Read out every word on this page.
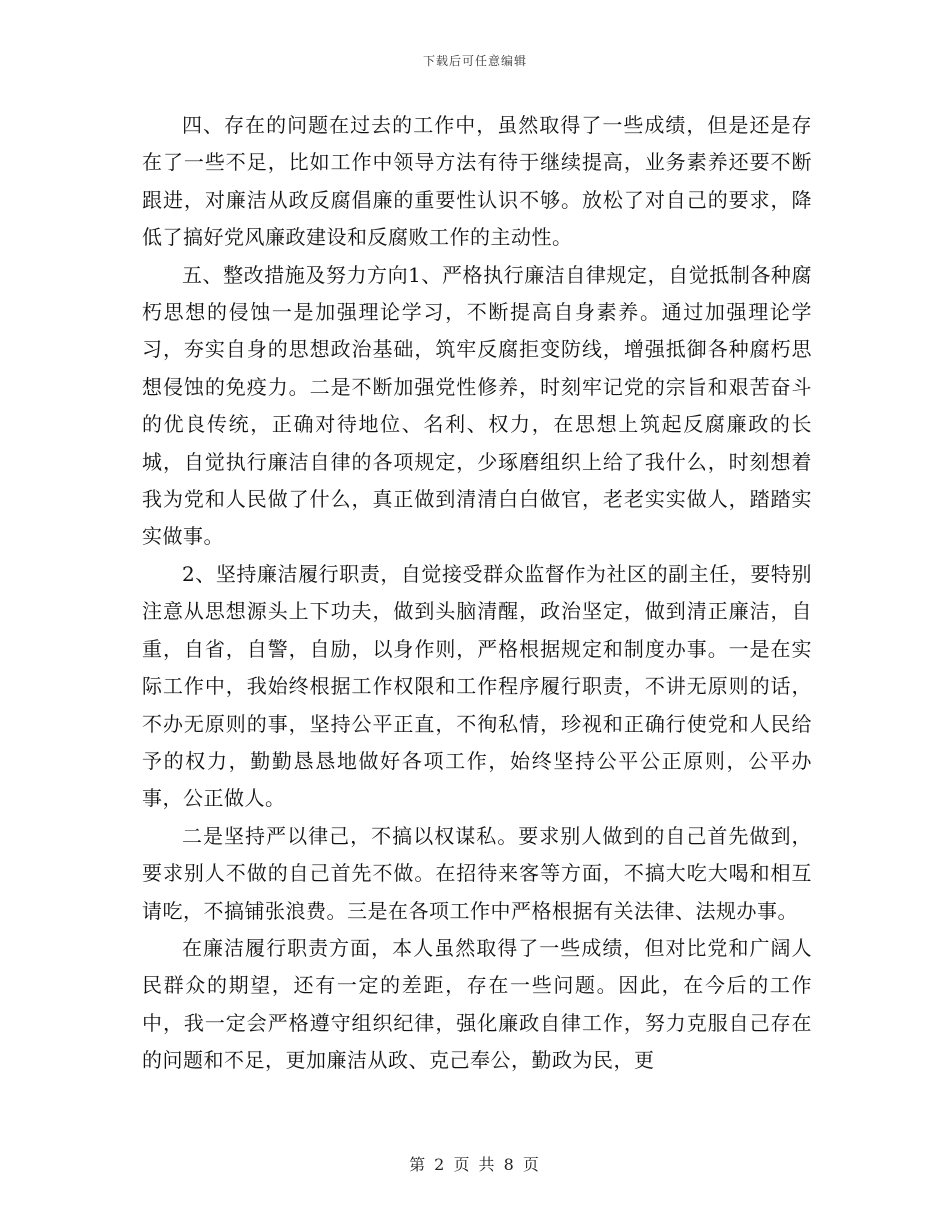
下载后可任意编辑

四、存在的问题在过去的工作中，虽然取得了一些成绩，但是还是存在了一些不足，比如工作中领导方法有待于继续提高，业务素养还要不断跟进，对廉洁从政反腐倡廉的重要性认识不够。放松了对自己的要求，降低了搞好党风廉政建设和反腐败工作的主动性。

五、整改措施及努力方向1、严格执行廉洁自律规定，自觉抵制各种腐朽思想的侵蚀一是加强理论学习，不断提高自身素养。通过加强理论学习，夯实自身的思想政治基础，筑牢反腐拒变防线，增强抵御各种腐朽思想侵蚀的免疫力。二是不断加强党性修养，时刻牢记党的宗旨和艰苦奋斗的优良传统，正确对待地位、名利、权力，在思想上筑起反腐廉政的长城，自觉执行廉洁自律的各项规定，少琢磨组织上给了我什么，时刻想着我为党和人民做了什么，真正做到清清白白做官，老老实实做人，踏踏实实做事。

2、坚持廉洁履行职责，自觉接受群众监督作为社区的副主任，要特别注意从思想源头上下功夫，做到头脑清醒，政治坚定，做到清正廉洁，自重，自省，自警，自励，以身作则，严格根据规定和制度办事。一是在实际工作中，我始终根据工作权限和工作程序履行职责，不讲无原则的话，不办无原则的事，坚持公平正直，不徇私情，珍视和正确行使党和人民给予的权力，勤勤恳恳地做好各项工作，始终坚持公平公正原则，公平办事，公正做人。

二是坚持严以律己，不搞以权谋私。要求别人做到的自己首先做到，要求别人不做的自己首先不做。在招待来客等方面，不搞大吃大喝和相互请吃，不搞铺张浪费。三是在各项工作中严格根据有关法律、法规办事。

在廉洁履行职责方面，本人虽然取得了一些成绩，但对比党和广阔人民群众的期望，还有一定的差距，存在一些问题。因此，在今后的工作中，我一定会严格遵守组织纪律，强化廉政自律工作，努力克服自己存在的问题和不足，更加廉洁从政、克己奉公，勤政为民，更

第 2 页 共 8 页
